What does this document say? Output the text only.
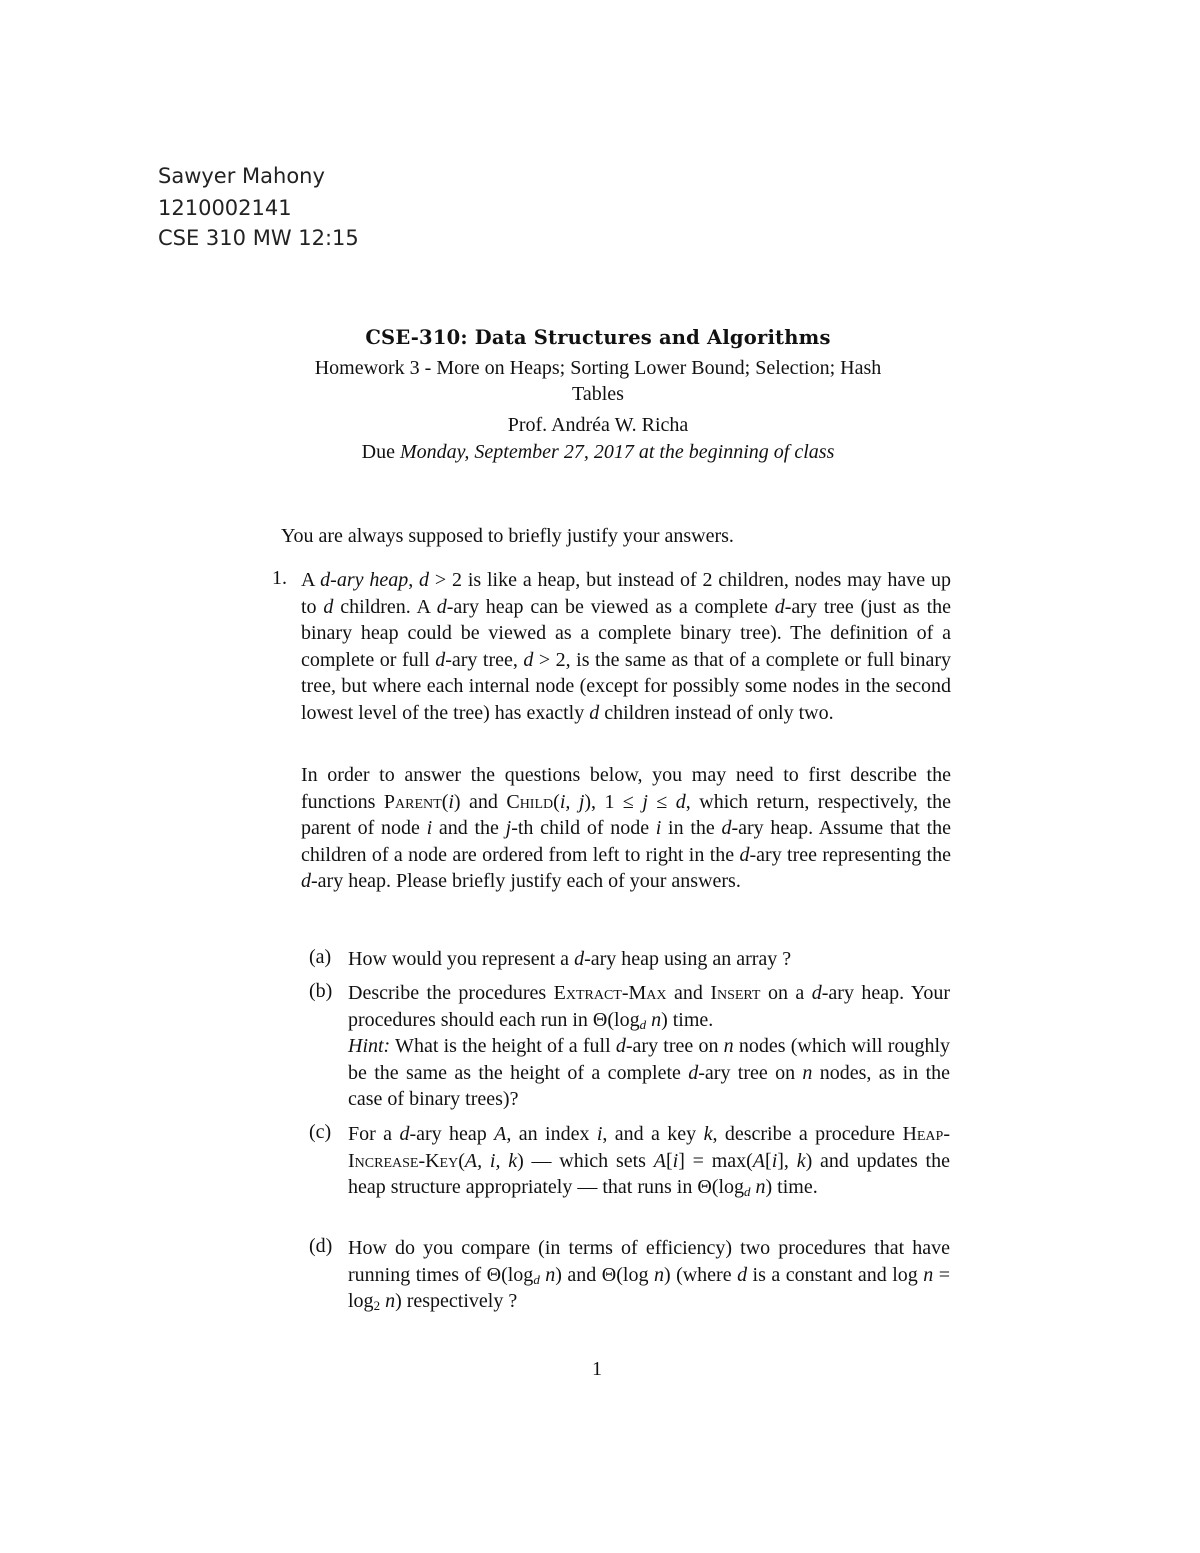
Sawyer Mahony
1210002141
CSE 310 MW 12:15
CSE-310: Data Structures and Algorithms
Homework 3 - More on Heaps; Sorting Lower Bound; Selection; Hash
Tables
Prof. Andréa W. Richa
Due Monday, September 27, 2017 at the beginning of class
You are always supposed to briefly justify your answers.
1. A d-ary heap, d > 2 is like a heap, but instead of 2 children, nodes may have up to d children. A d-ary heap can be viewed as a complete d-ary tree (just as the binary heap could be viewed as a complete binary tree). The definition of a complete or full d-ary tree, d > 2, is the same as that of a complete or full binary tree, but where each internal node (except for possibly some nodes in the second lowest level of the tree) has exactly d children instead of only two.
In order to answer the questions below, you may need to first describe the functions Parent(i) and Child(i, j), 1 ≤ j ≤ d, which return, respectively, the parent of node i and the j-th child of node i in the d-ary heap. Assume that the children of a node are ordered from left to right in the d-ary tree representing the d-ary heap. Please briefly justify each of your answers.
(a) How would you represent a d-ary heap using an array ?
(b) Describe the procedures Extract-Max and Insert on a d-ary heap. Your procedures should each run in $\Theta(\log_d$ n) time.
Hint: What is the height of a full d-ary tree on n nodes (which will roughly be the same as the height of a complete d-ary tree on n nodes, as in the case of binary trees)?
(c) For a d-ary heap A, an index i, and a key k, describe a procedure Heap-Increase-Key(A, i, k) — which sets A[i] = max(A[i], k) and updates the heap structure appropriately — that runs in $\Theta(\log_d$ n) time.
(d) How do you compare (in terms of efficiency) two procedures that have running times of $\Theta(\log_d$ n) and Θ(log n) (where d is a constant and $\log n = \log_2 n$) respectively ?
1
